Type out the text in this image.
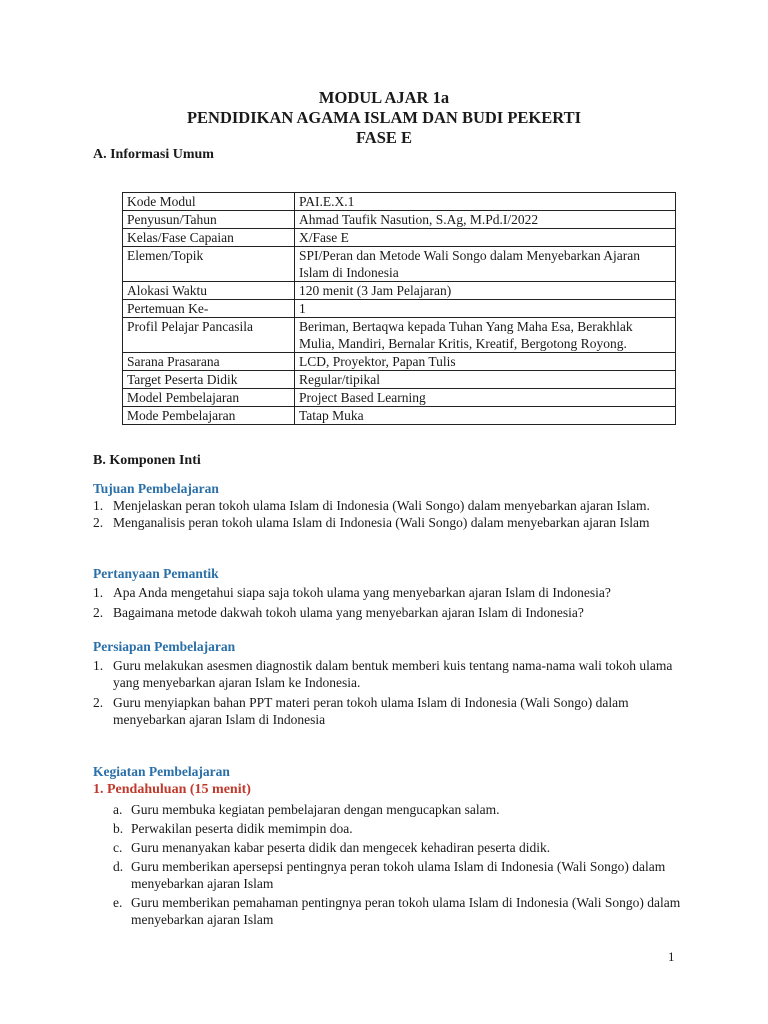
MODUL AJAR 1a
PENDIDIKAN AGAMA ISLAM DAN BUDI PEKERTI
FASE E
A. Informasi Umum
Kode Modul	PAI.E.X.1
Penyusun/Tahun	Ahmad Taufik Nasution, S.Ag, M.Pd.I/2022
Kelas/Fase Capaian	X/Fase E
Elemen/Topik	SPI/Peran dan Metode Wali Songo dalam Menyebarkan Ajaran Islam di Indonesia
Alokasi Waktu	120 menit (3 Jam Pelajaran)
Pertemuan Ke-	1
Profil Pelajar Pancasila	Beriman, Bertaqwa kepada Tuhan Yang Maha Esa, Berakhlak Mulia, Mandiri, Bernalar Kritis, Kreatif, Bergotong Royong.
Sarana Prasarana	LCD, Proyektor, Papan Tulis
Target Peserta Didik	Regular/tipikal
Model Pembelajaran	Project Based Learning
Mode Pembelajaran	Tatap Muka
B. Komponen Inti
Tujuan Pembelajaran
1. Menjelaskan peran tokoh ulama Islam di Indonesia (Wali Songo) dalam menyebarkan ajaran Islam.
2. Menganalisis peran tokoh ulama Islam di Indonesia (Wali Songo) dalam menyebarkan ajaran Islam
Pertanyaan Pemantik
1. Apa Anda mengetahui siapa saja tokoh ulama yang menyebarkan ajaran Islam di Indonesia?
2. Bagaimana metode dakwah tokoh ulama yang menyebarkan ajaran Islam di Indonesia?
Persiapan Pembelajaran
1. Guru melakukan asesmen diagnostik dalam bentuk memberi kuis tentang nama-nama wali tokoh ulama yang menyebarkan ajaran Islam ke Indonesia.
2. Guru menyiapkan bahan PPT materi peran tokoh ulama Islam di Indonesia (Wali Songo) dalam menyebarkan ajaran Islam di Indonesia
Kegiatan Pembelajaran
1. Pendahuluan (15 menit)
a. Guru membuka kegiatan pembelajaran dengan mengucapkan salam.
b. Perwakilan peserta didik memimpin doa.
c. Guru menanyakan kabar peserta didik dan mengecek kehadiran peserta didik.
d. Guru memberikan apersepsi pentingnya peran tokoh ulama Islam di Indonesia (Wali Songo) dalam menyebarkan ajaran Islam
e. Guru memberikan pemahaman pentingnya peran tokoh ulama Islam di Indonesia (Wali Songo) dalam menyebarkan ajaran Islam
1
